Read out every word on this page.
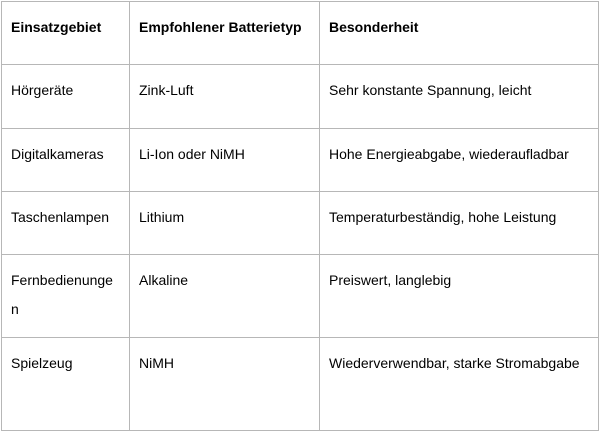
Einsatzgebiet	Empfohlener Batterietyp	Besonderheit
Hörgeräte	Zink-Luft	Sehr konstante Spannung, leicht
Digitalkameras	Li-Ion oder NiMH	Hohe Energieabgabe, wiederaufladbar
Taschenlampen	Lithium	Temperaturbeständig, hohe Leistung
Fernbedienungen	Alkaline	Preiswert, langlebig
Spielzeug	NiMH	Wiederverwendbar, starke Stromabgabe
